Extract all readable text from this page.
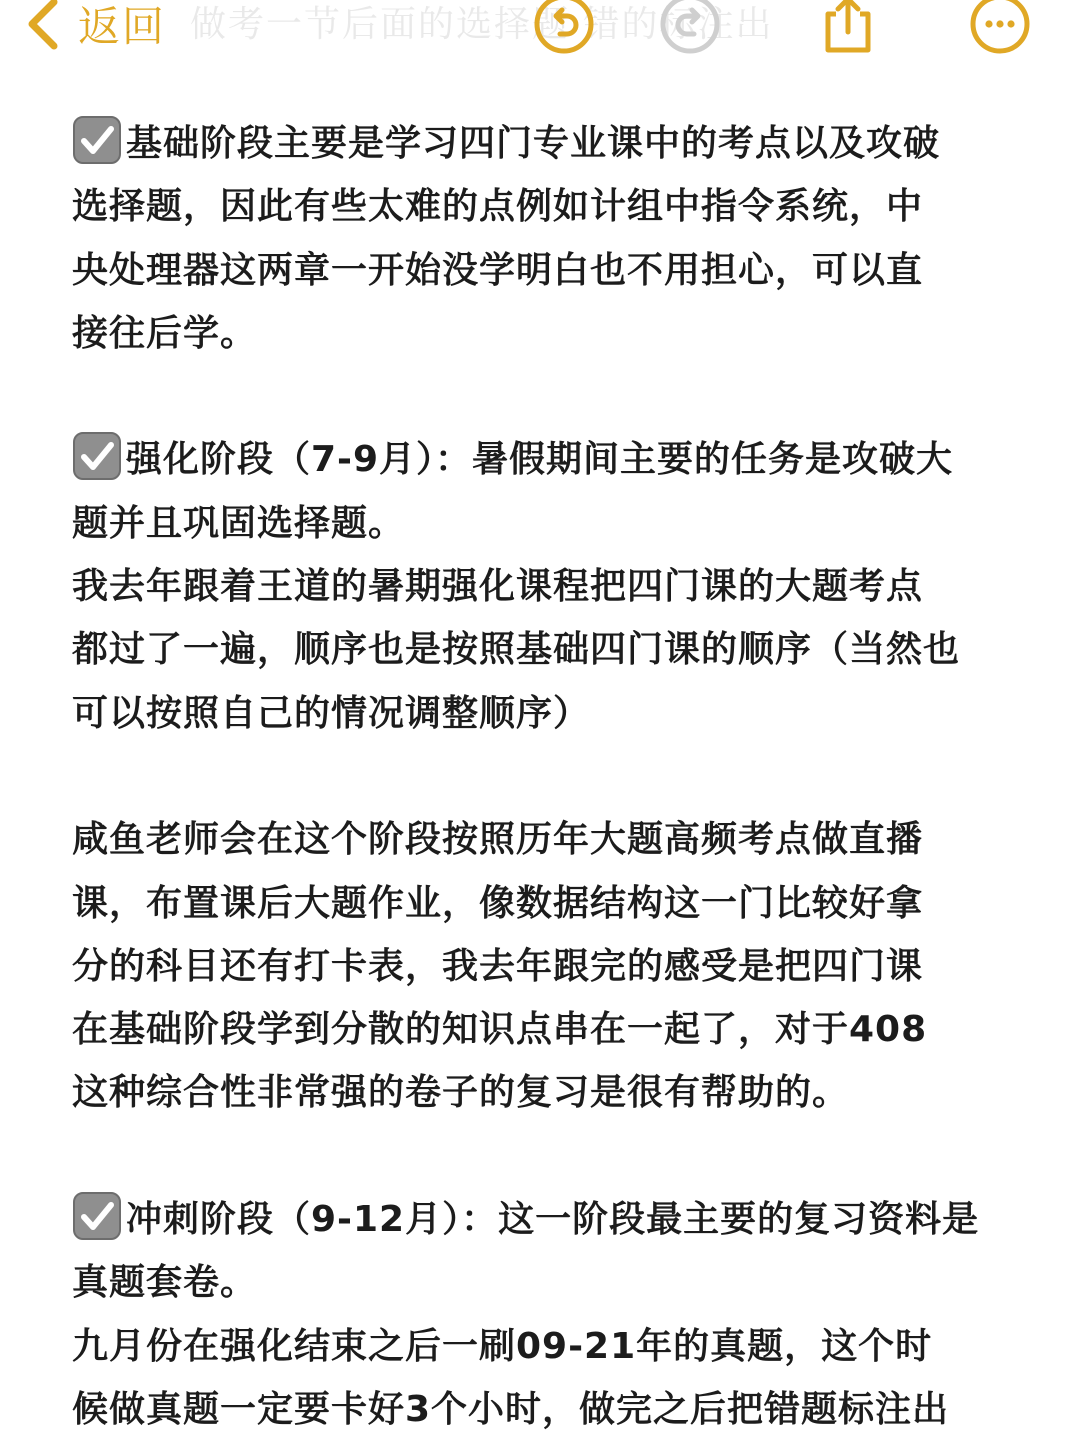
做考一节后面的选择题 错的标注出
返回
基础阶段主要是学习四门专业课中的考点以及攻破
选择题，因此有些太难的点例如计组中指令系统，中
央处理器这两章一开始没学明白也不用担心，可以直
接往后学。
强化阶段（7-9月）：暑假期间主要的任务是攻破大
题并且巩固选择题。
我去年跟着王道的暑期强化课程把四门课的大题考点
都过了一遍，顺序也是按照基础四门课的顺序（当然也
可以按照自己的情况调整顺序）
咸鱼老师会在这个阶段按照历年大题高频考点做直播
课，布置课后大题作业，像数据结构这一门比较好拿
分的科目还有打卡表，我去年跟完的感受是把四门课
在基础阶段学到分散的知识点串在一起了，对于408
这种综合性非常强的卷子的复习是很有帮助的。
冲刺阶段（9-12月）：这一阶段最主要的复习资料是
真题套卷。
九月份在强化结束之后一刷09-21年的真题，这个时
候做真题一定要卡好3个小时，做完之后把错题标注出
